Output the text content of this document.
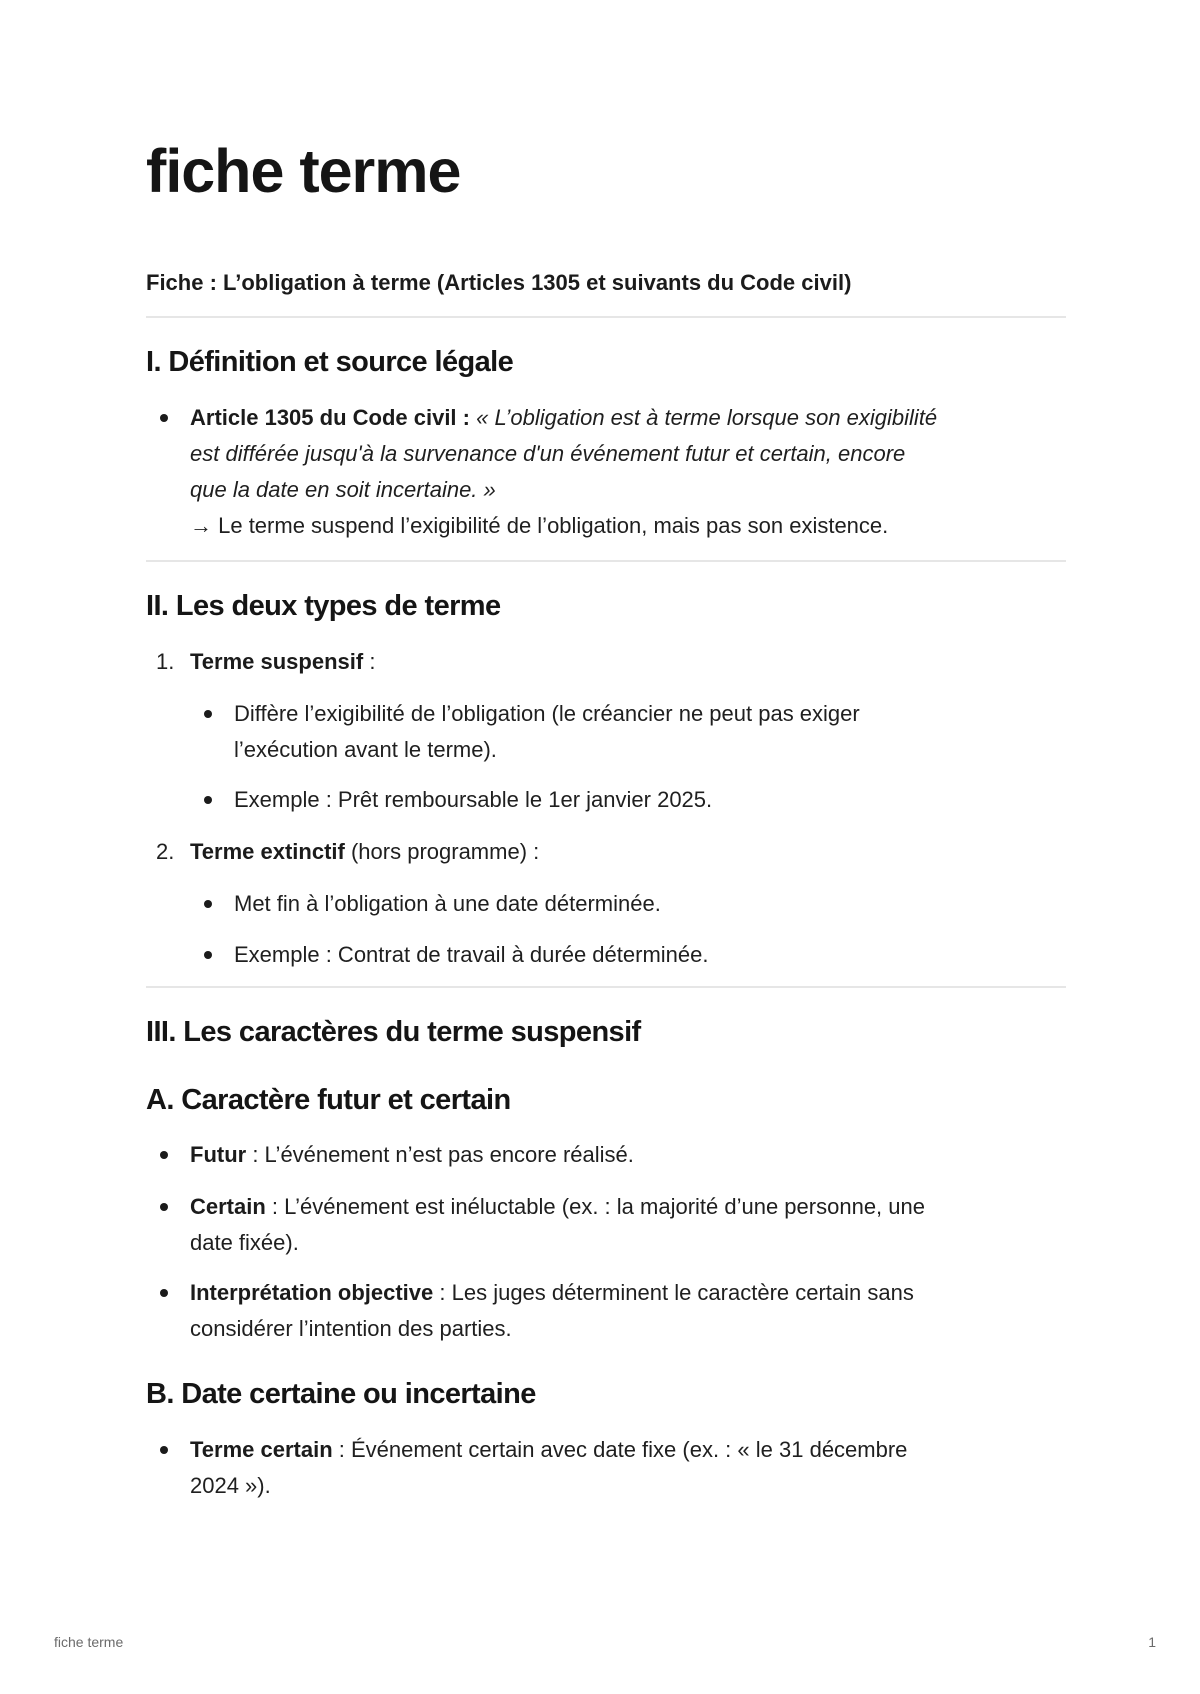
fiche terme

Fiche : L’obligation à terme (Articles 1305 et suivants du Code civil)

I. Définition et source légale
Article 1305 du Code civil : « L’obligation est à terme lorsque son exigibilité
est différée jusqu'à la survenance d'un événement futur et certain, encore
que la date en soit incertaine. »
→ Le terme suspend l’exigibilité de l’obligation, mais pas son existence.
II. Les deux types de terme
1. Terme suspensif :
Diffère l’exigibilité de l’obligation (le créancier ne peut pas exiger
l’exécution avant le terme).
Exemple : Prêt remboursable le 1er janvier 2025.
2. Terme extinctif (hors programme) :
Met fin à l’obligation à une date déterminée.
Exemple : Contrat de travail à durée déterminée.
III. Les caractères du terme suspensif
A. Caractère futur et certain
Futur : L’événement n’est pas encore réalisé.
Certain : L’événement est inéluctable (ex. : la majorité d’une personne, une
date fixée).
Interprétation objective : Les juges déterminent le caractère certain sans
considérer l’intention des parties.
B. Date certaine ou incertaine
Terme certain : Événement certain avec date fixe (ex. : « le 31 décembre
2024 »).
fiche terme	1
